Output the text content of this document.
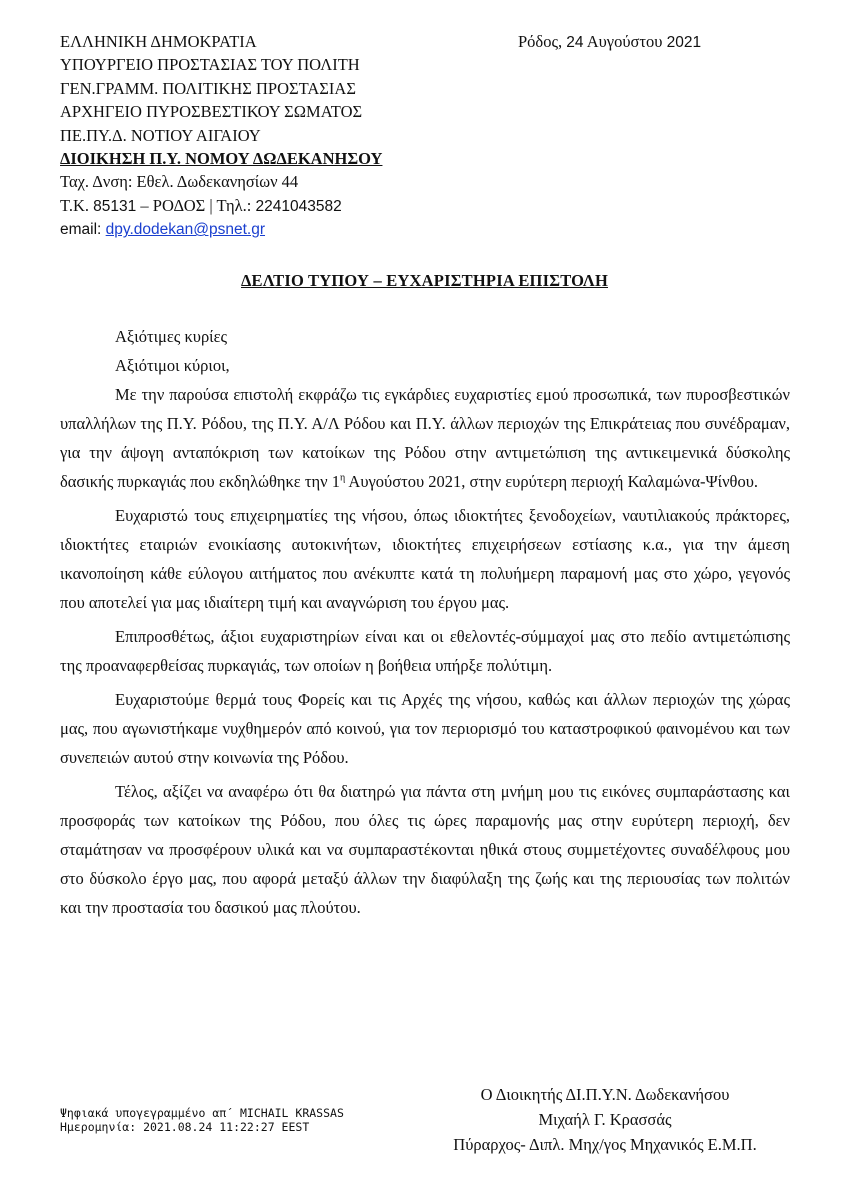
ΕΛΛΗΝΙΚΗ ΔΗΜΟΚΡΑΤΙΑ
ΥΠΟΥΡΓΕΙΟ ΠΡΟΣΤΑΣΙΑΣ ΤΟΥ ΠΟΛΙΤΗ
ΓΕΝ.ΓΡΑΜΜ. ΠΟΛΙΤΙΚΗΣ ΠΡΟΣΤΑΣΙΑΣ
ΑΡΧΗΓΕΙΟ ΠΥΡΟΣΒΕΣΤΙΚΟΥ ΣΩΜΑΤΟΣ
ΠΕ.ΠΥ.Δ. ΝΟΤΙΟΥ ΑΙΓΑΙΟΥ
ΔΙΟΙΚΗΣΗ Π.Υ. ΝΟΜΟΥ ΔΩΔΕΚΑΝΗΣΟΥ
Ταχ. Δνση: Εθελ. Δωδεκανησίων 44
Τ.Κ. 85131 – ΡΟΔΟΣ | Τηλ.: 2241043582
email: dpy.dodekan@psnet.gr
Ρόδος, 24 Αυγούστου 2021
ΔΕΛΤΙΟ ΤΥΠΟΥ – ΕΥΧΑΡΙΣΤΗΡΙΑ ΕΠΙΣΤΟΛΗ
Αξιότιμες κυρίες
Αξιότιμοι κύριοι,

Με την παρούσα επιστολή εκφράζω τις εγκάρδιες ευχαριστίες εμού προσωπικά, των πυροσβεστικών υπαλλήλων της Π.Υ. Ρόδου, της Π.Υ. Α/Λ Ρόδου και Π.Υ. άλλων περιοχών της Επικράτειας που συνέδραμαν, για την άψογη ανταπόκριση των κατοίκων της Ρόδου στην αντιμετώπιση της αντικειμενικά δύσκολης δασικής πυρκαγιάς που εκδηλώθηκε την $1^\eta$ Αυγούστου 2021, στην ευρύτερη περιοχή Καλαμώνα-Ψίνθου.

Ευχαριστώ τους επιχειρηματίες της νήσου, όπως ιδιοκτήτες ξενοδοχείων, ναυτιλιακούς πράκτορες, ιδιοκτήτες εταιριών ενοικίασης αυτοκινήτων, ιδιοκτήτες επιχειρήσεων εστίασης κ.α., για την άμεση ικανοποίηση κάθε εύλογου αιτήματος που ανέκυπτε κατά τη πολυήμερη παραμονή μας στο χώρο, γεγονός που αποτελεί για μας ιδιαίτερη τιμή και αναγνώριση του έργου μας.

Επιπροσθέτως, άξιοι ευχαριστηρίων είναι και οι εθελοντές-σύμμαχοί μας στο πεδίο αντιμετώπισης της προαναφερθείσας πυρκαγιάς, των οποίων η βοήθεια υπήρξε πολύτιμη.

Ευχαριστούμε θερμά τους Φορείς και τις Αρχές της νήσου, καθώς και άλλων περιοχών της χώρας μας, που αγωνιστήκαμε νυχθημερόν από κοινού, για τον περιορισμό του καταστροφικού φαινομένου και των συνεπειών αυτού στην κοινωνία της Ρόδου.

Τέλος, αξίζει να αναφέρω ότι θα διατηρώ για πάντα στη μνήμη μου τις εικόνες συμπαράστασης και προσφοράς των κατοίκων της Ρόδου, που όλες τις ώρες παραμονής μας στην ευρύτερη περιοχή, δεν σταμάτησαν να προσφέρουν υλικά και να συμπαραστέκονται ηθικά στους συμμετέχοντες συναδέλφους μου στο δύσκολο έργο μας, που αφορά μεταξύ άλλων την διαφύλαξη της ζωής και της περιουσίας των πολιτών και την προστασία του δασικού μας πλούτου.

Ψηφιακά υπογεγραμμένο απ΄ MICHAIL KRASSAS
Ημερομηνία: 2021.08.24 11:22:27 EEST
Ο Διοικητής ΔΙ.Π.Υ.Ν. Δωδεκανήσου
Μιχαήλ Γ. Κρασσάς
Πύραρχος- Διπλ. Μηχ/γος Μηχανικός Ε.Μ.Π.
